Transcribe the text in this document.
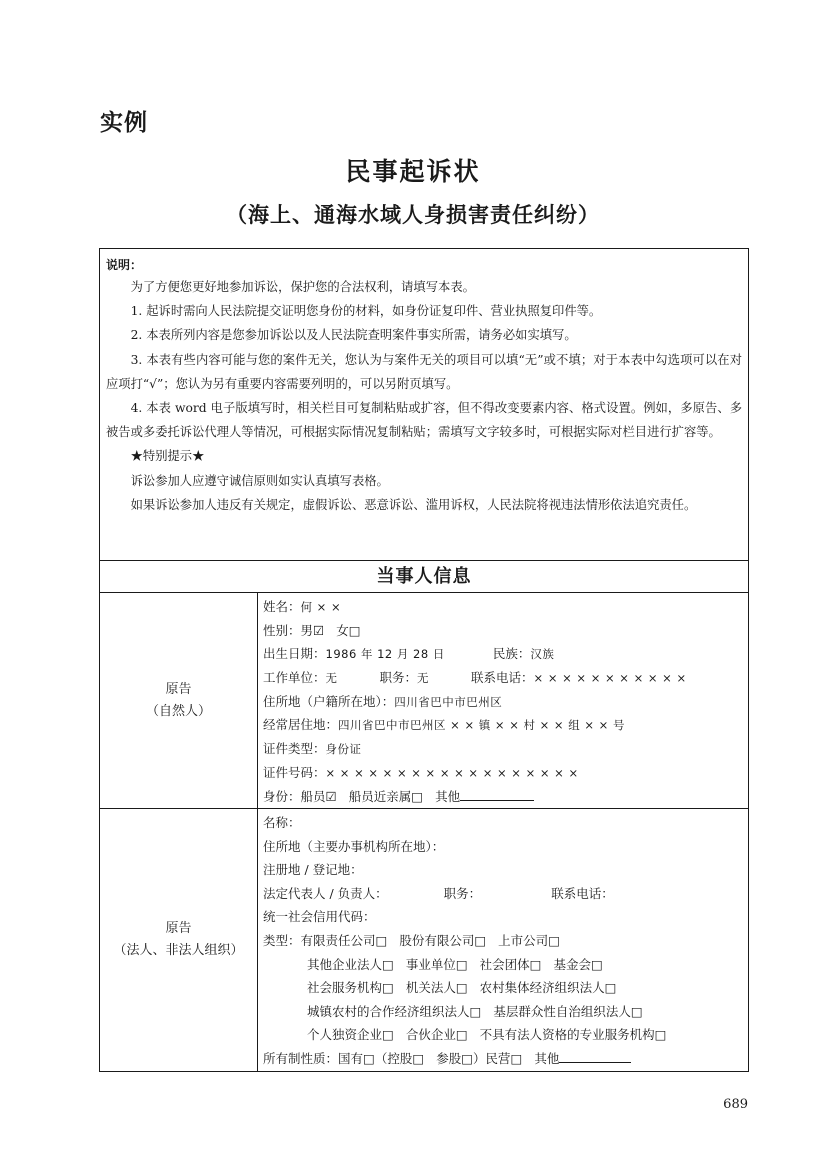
实例
民事起诉状
（海上、通海水域人身损害责任纠纷）
说明：
为了方便您更好地参加诉讼，保护您的合法权利，请填写本表。
1. 起诉时需向人民法院提交证明您身份的材料，如身份证复印件、营业执照复印件等。
2. 本表所列内容是您参加诉讼以及人民法院查明案件事实所需，请务必如实填写。
3. 本表有些内容可能与您的案件无关，您认为与案件无关的项目可以填“无”或不填；对于本表中勾选项可以在对应项打“√”；您认为另有重要内容需要列明的，可以另附页填写。
4. 本表 word 电子版填写时，相关栏目可复制粘贴或扩容，但不得改变要素内容、格式设置。例如，多原告、多被告或多委托诉讼代理人等情况，可根据实际情况复制粘贴；需填写文字较多时，可根据实际对栏目进行扩容等。
★特别提示★
诉讼参加人应遵守诚信原则如实认真填写表格。
如果诉讼参加人违反有关规定，虚假诉讼、恶意诉讼、滥用诉权，人民法院将视违法情形依法追究责任。
当事人信息
原告
（自然人）
姓名：何 × ×
性别：男☑ 女□
出生日期：1986 年 12 月 28 日	民族：汉族
工作单位：无	职务：无	联系电话：× × × × × × × × × × ×
住所地（户籍所在地）：四川省巴中市巴州区
经常居住地：四川省巴中市巴州区 × × 镇 × × 村 × × 组 × × 号
证件类型：身份证
证件号码：× × × × × × × × × × × × × × × × × ×
身份：船员☑ 船员近亲属□ 其他
原告
（法人、非法人组织）
名称：
住所地（主要办事机构所在地）：
注册地 / 登记地：
法定代表人 / 负责人：	职务：	联系电话：
统一社会信用代码：
类型：有限责任公司□ 股份有限公司□ 上市公司□
其他企业法人□ 事业单位□ 社会团体□ 基金会□
社会服务机构□ 机关法人□ 农村集体经济组织法人□
城镇农村的合作经济组织法人□ 基层群众性自治组织法人□
个人独资企业□ 合伙企业□ 不具有法人资格的专业服务机构□
所有制性质：国有□（控股□ 参股□）民营□ 其他
689
